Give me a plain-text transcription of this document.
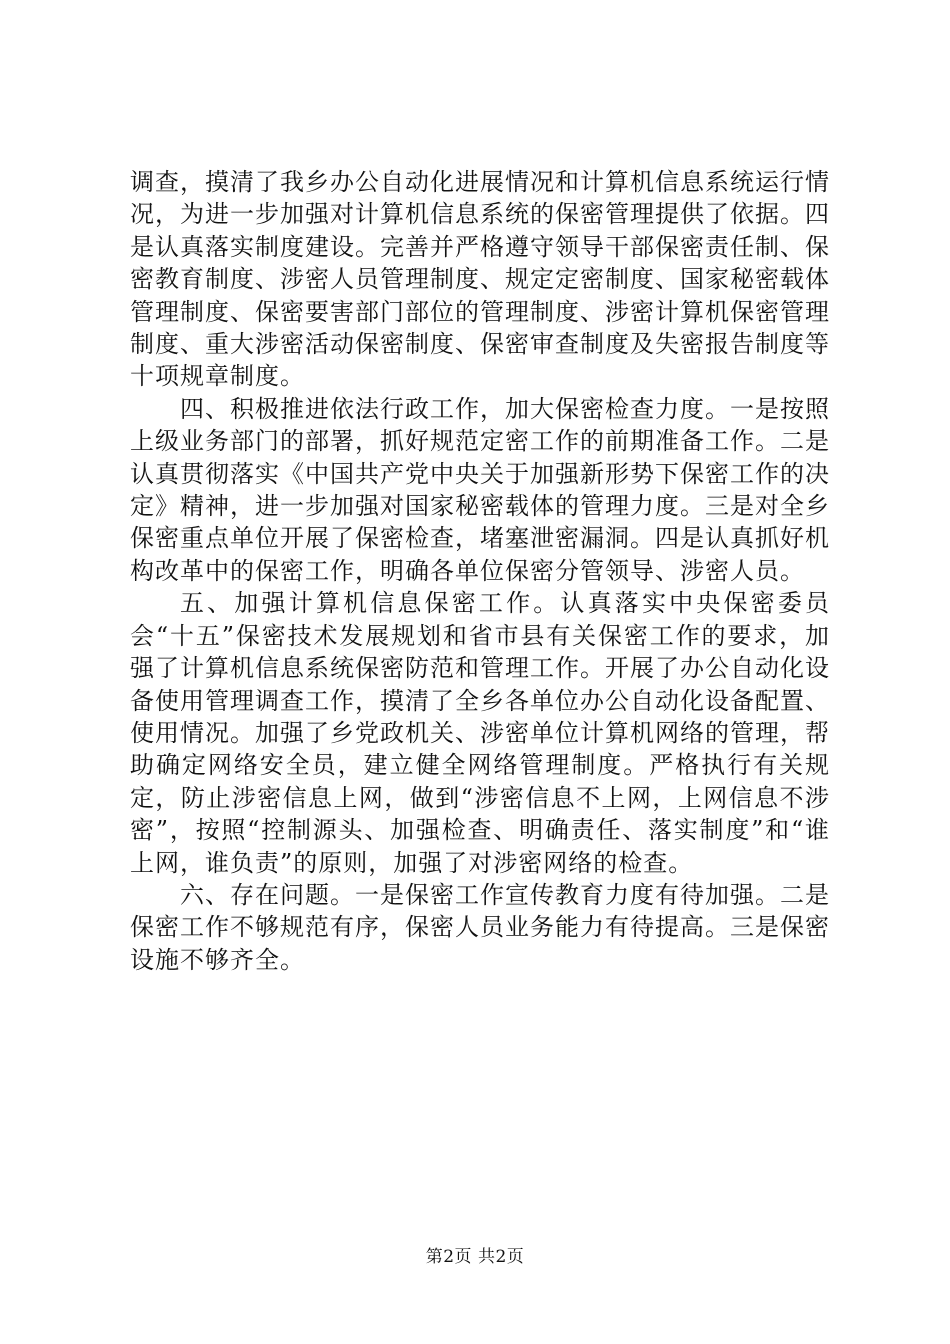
调查，摸清了我乡办公自动化进展情况和计算机信息系统运行情况，为进一步加强对计算机信息系统的保密管理提供了依据。四是认真落实制度建设。完善并严格遵守领导干部保密责任制、保密教育制度、涉密人员管理制度、规定定密制度、国家秘密载体管理制度、保密要害部门部位的管理制度、涉密计算机保密管理制度、重大涉密活动保密制度、保密审查制度及失密报告制度等十项规章制度。

四、积极推进依法行政工作，加大保密检查力度。一是按照上级业务部门的部署，抓好规范定密工作的前期准备工作。二是认真贯彻落实《中国共产党中央关于加强新形势下保密工作的决定》精神，进一步加强对国家秘密载体的管理力度。三是对全乡保密重点单位开展了保密检查，堵塞泄密漏洞。四是认真抓好机构改革中的保密工作，明确各单位保密分管领导、涉密人员。

五、加强计算机信息保密工作。认真落实中央保密委员会“十五”保密技术发展规划和省市县有关保密工作的要求，加强了计算机信息系统保密防范和管理工作。开展了办公自动化设备使用管理调查工作，摸清了全乡各单位办公自动化设备配置、使用情况。加强了乡党政机关、涉密单位计算机网络的管理，帮助确定网络安全员，建立健全网络管理制度。严格执行有关规定，防止涉密信息上网，做到“涉密信息不上网，上网信息不涉密”，按照“控制源头、加强检查、明确责任、落实制度”和“谁上网，谁负责”的原则，加强了对涉密网络的检查。

六、存在问题。一是保密工作宣传教育力度有待加强。二是保密工作不够规范有序，保密人员业务能力有待提高。三是保密设施不够齐全。

第2页 共2页
